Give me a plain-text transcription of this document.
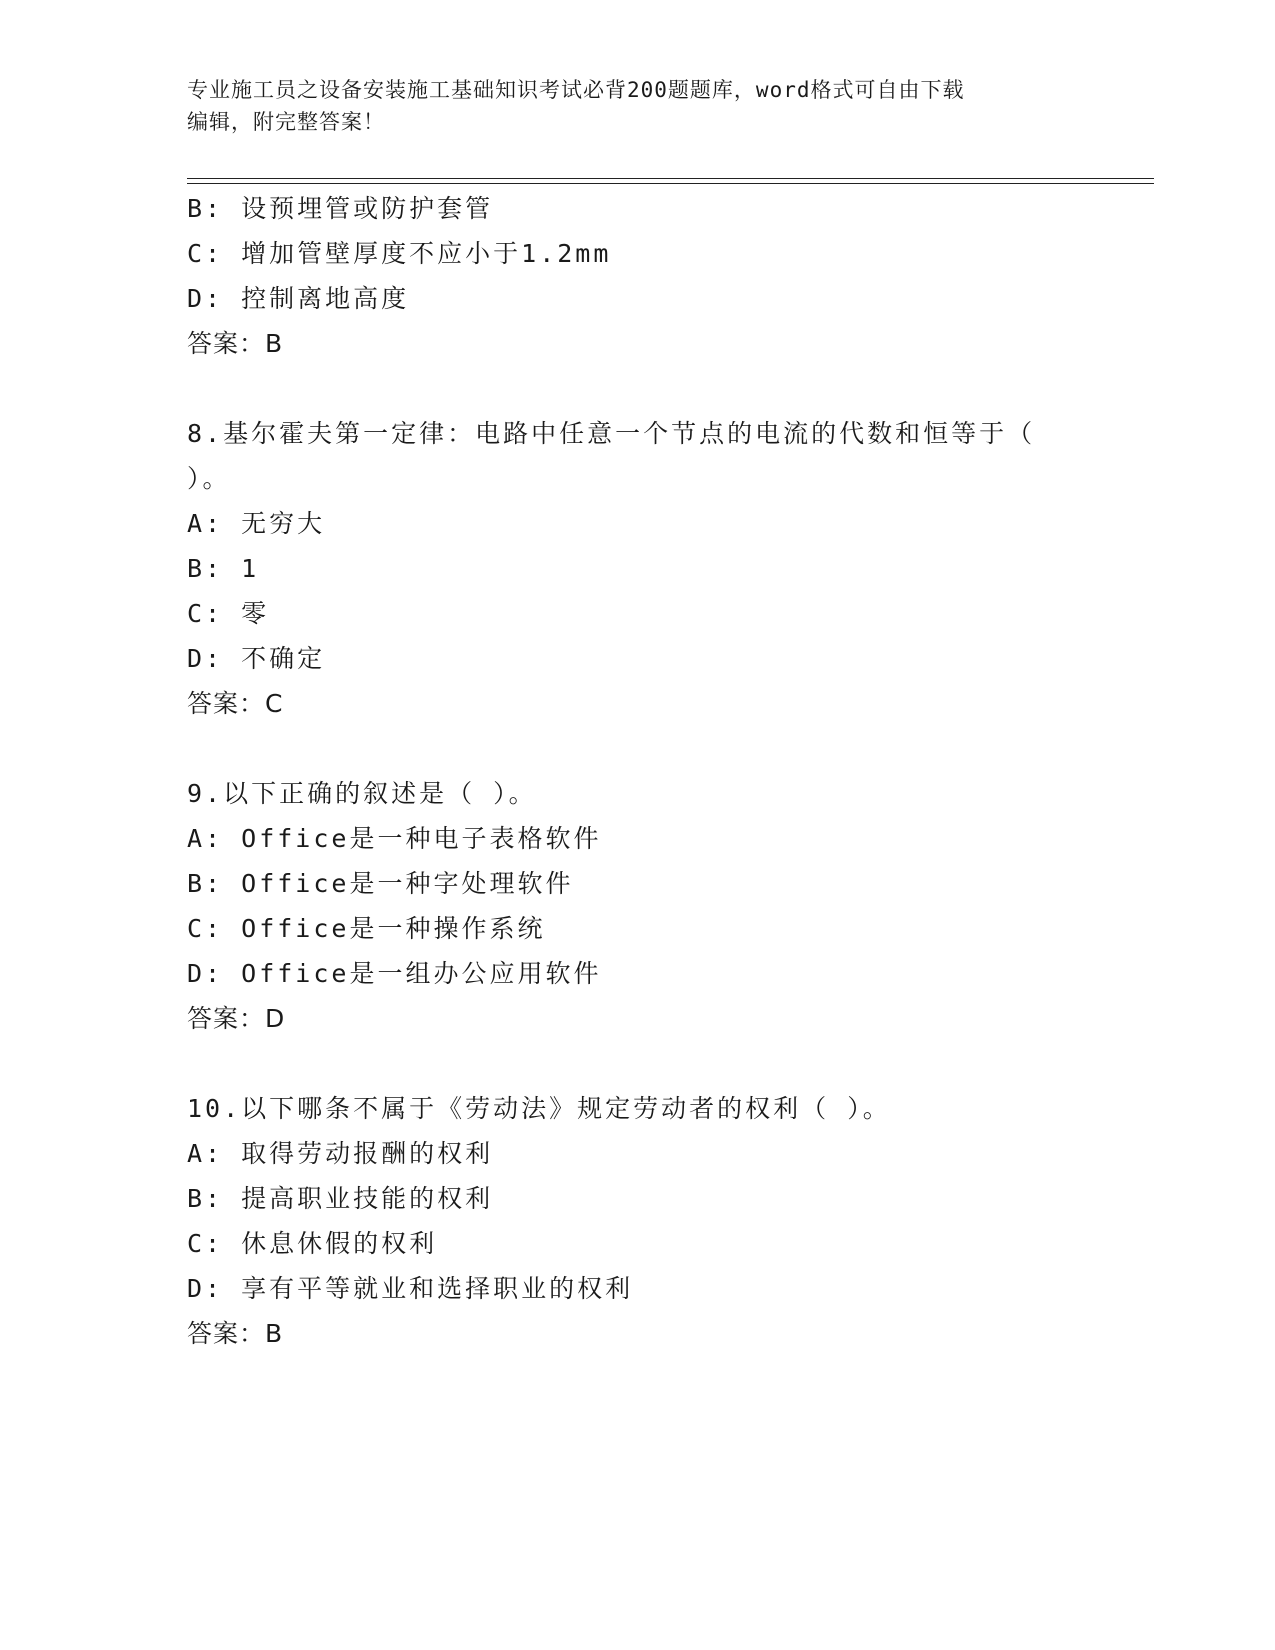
专业施工员之设备安装施工基础知识考试必背200题题库，word格式可自由下载
编辑，附完整答案！
B: 设预埋管或防护套管
C: 增加管壁厚度不应小于1.2mm
D: 控制离地高度
答案：B
8.基尔霍夫第一定律：电路中任意一个节点的电流的代数和恒等于（
）。
A: 无穷大
B: 1
C: 零
D: 不确定
答案：C
9.以下正确的叙述是（ ）。
A: Office是一种电子表格软件
B: Office是一种字处理软件
C: Office是一种操作系统
D: Office是一组办公应用软件
答案：D
10.以下哪条不属于《劳动法》规定劳动者的权利（ ）。
A: 取得劳动报酬的权利
B: 提高职业技能的权利
C: 休息休假的权利
D: 享有平等就业和选择职业的权利
答案：B
